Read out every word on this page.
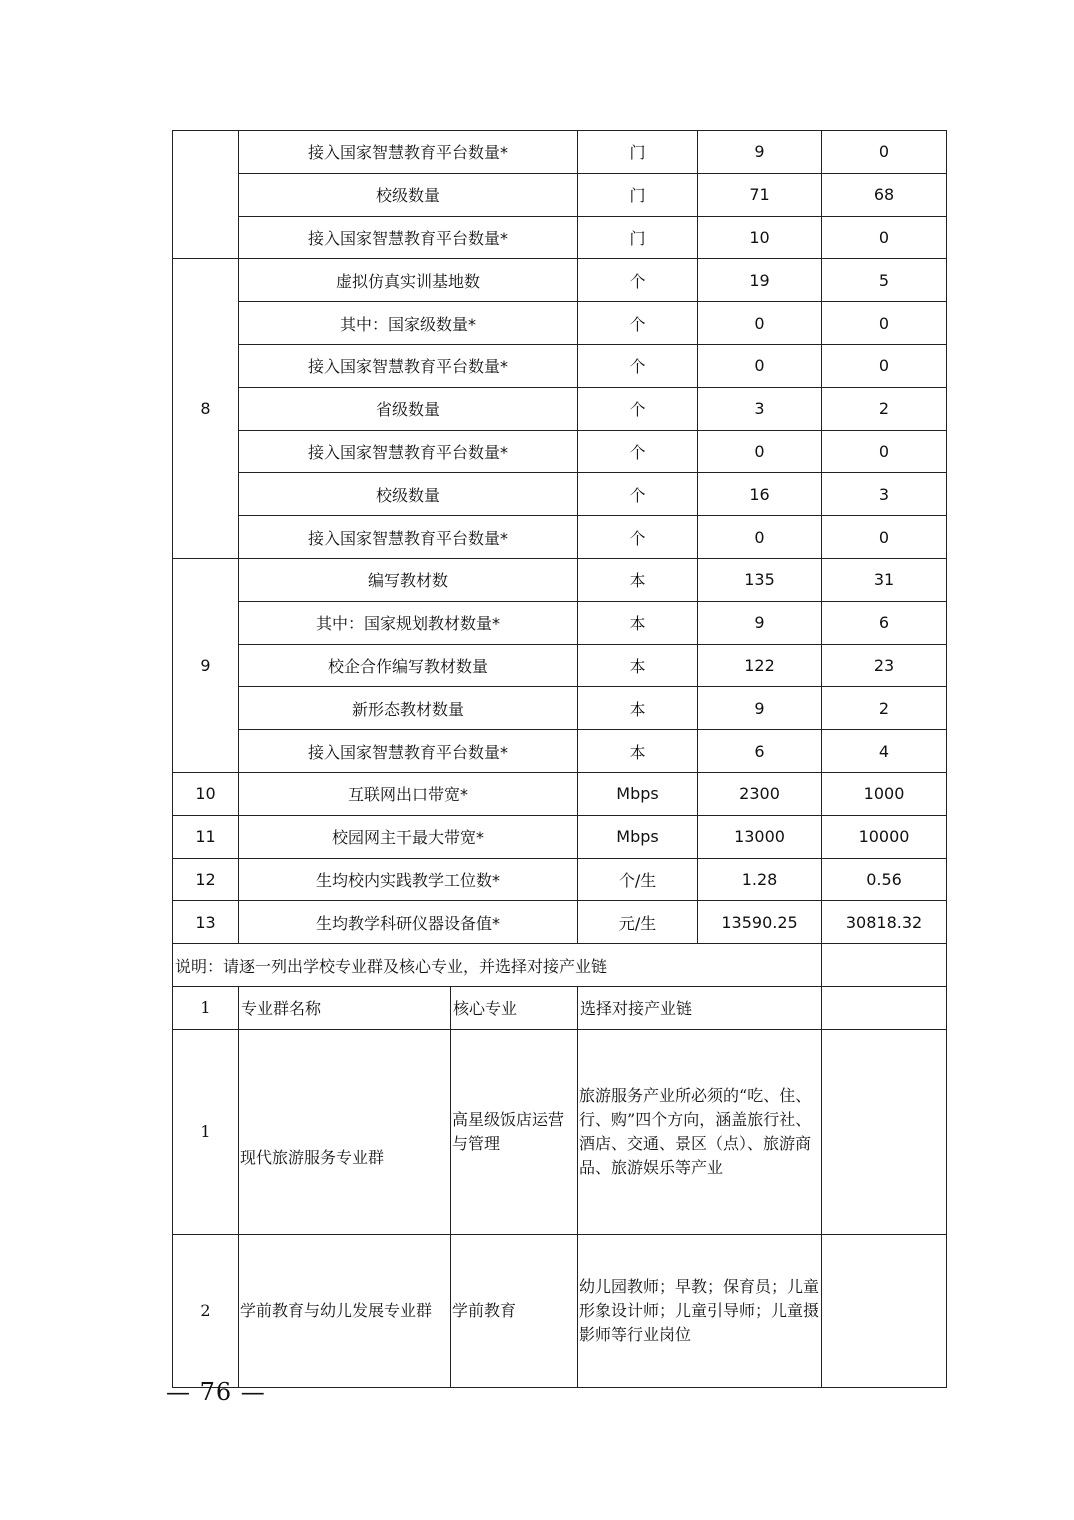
	接入国家智慧教育平台数量*		门	9	0
	校级数量		门	71	68
	接入国家智慧教育平台数量*		门	10	0
8	虚拟仿真实训基地数		个	19	5
	其中：国家级数量*		个	0	0
	接入国家智慧教育平台数量*		个	0	0
	省级数量		个	3	2
	接入国家智慧教育平台数量*		个	0	0
	校级数量		个	16	3
	接入国家智慧教育平台数量*		个	0	0
9	编写教材数		本	135	31
	其中：国家规划教材数量*		本	9	6
	校企合作编写教材数量		本	122	23
	新形态教材数量		本	9	2
	接入国家智慧教育平台数量*		本	6	4
10	互联网出口带宽*		Mbps	2300	1000
11	校园网主干最大带宽*		Mbps	13000	10000
12	生均校内实践教学工位数*		个/生	1.28	0.56
13	生均教学科研仪器设备值*		元/生	13590.25	30818.32
说明：请逐一列出学校专业群及核心专业，并选择对接产业链					
1	专业群名称	核心专业	选择对接产业链		
1	现代旅游服务专业群	高星级饭店运营与管理	旅游服务产业所必须的“吃、住、行、购”四个方向，涵盖旅行社、酒店、交通、景区（点）、旅游商品、旅游娱乐等产业		
2	学前教育与幼儿发展专业群	学前教育	幼儿园教师；早教；保育员；儿童形象设计师；儿童引导师；儿童摄影师等行业岗位		
— 76 —
